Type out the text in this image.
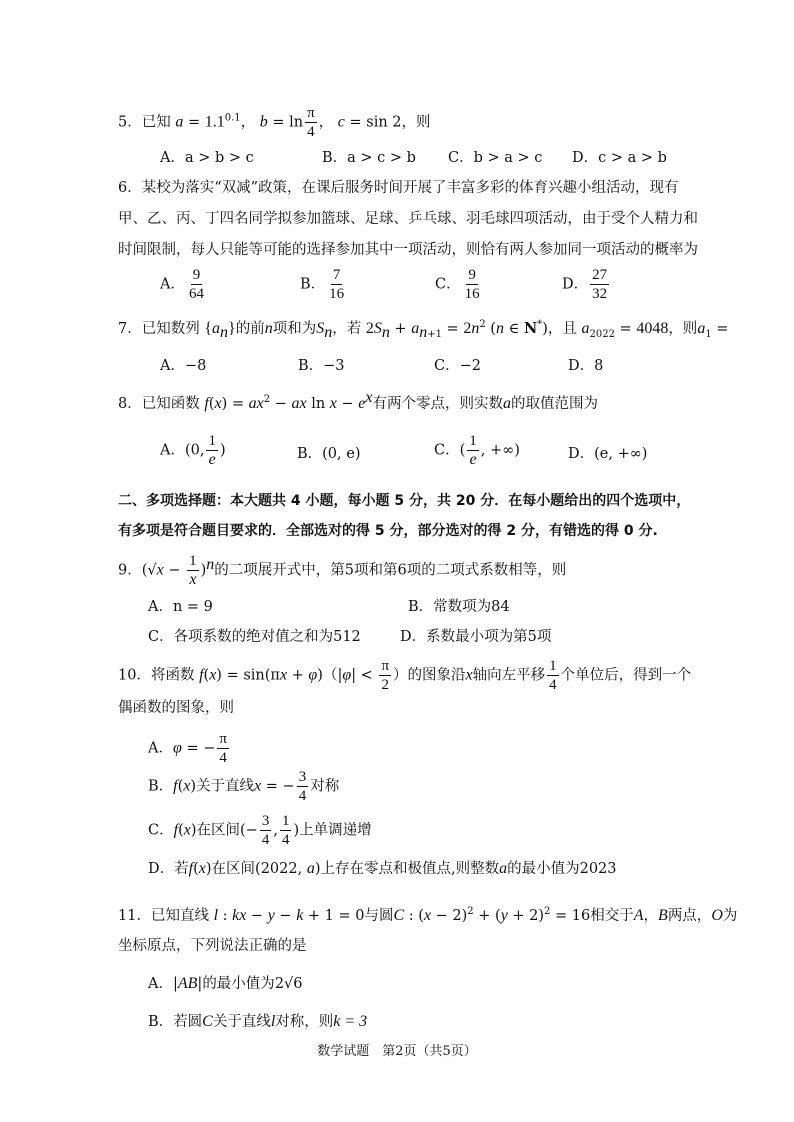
5．已知 $a = 1.1^{0.1}$， $b = \ln \frac{\pi}{4}$ ， c = sin 2，则
A．a > b > c	B．a > c > b C．b > a > c D．c > a > b
6．某校为落实“双减”政策，在课后服务时间开展了丰富多彩的体育兴趣小组活动，现有
甲、乙、丙、丁四名同学拟参加篮球、足球、乒乓球、羽毛球四项活动，由于受个人精力和
时间限制，每人只能等可能的选择参加其中一项活动，则恰有两人参加同一项活动的概率为
A． $\frac{9}{64}$	B． $\frac{7}{16}$	C． $\frac{9}{16}$	D． $\frac{27}{32}$
7．已知数列 $\{a_n\}$的前n项和为$S_n$，若 $2S_n + a_{n+1} = 2n^2$ (n ∈ N*)，且 $a_{2022} = 4048$，则$a_1$ =
A．−8	B．−3	C．−2	D．8
8．已知函数 $f(x) = ax^2$ − ax $\ln x - e^x$有两个零点，则实数a的取值范围为
A．(0, $\frac{1}{e}$ )	B．(0, e)	C．( $\frac{1}{e}$ , +∞)	D．(e, +∞)
二、多项选择题：本大题共 4 小题，每小题 5 分，共 20 分．在每小题给出的四个选项中，
有多项是符合题目要求的．全部选对的得 5 分，部分选对的得 2 分，有错选的得 0 分.
9．$(√x - \frac{1}{x} )^n$的二项展开式中，第5项和第6项的二项式系数相等，则
A．n = 9	B．常数项为84
C．各项系数的绝对值之和为512	D．系数最小项为第5项
10．将函数 $f(x) = \sin(\pi x + \varphi)(|\varphi| < \frac{\pi}{2}$ ）的图象沿x轴向左平移 $\frac{1}{4}$ 个单位后，得到一个
偶函数的图象，则
A．φ = − $\frac{\pi}{4}$
B．f(x)关于直线x = − $\frac{3}{4}$ 对称
C．f(x)在区间(− $\frac{3}{4}$ , $\frac{1}{4}$ )上单调递增
D．若f(x)在区间(2022, a)上存在零点和极值点,则整数a的最小值为2023
11．已知直线 l : kx − y − k + 1 = 0与圆C : $(x - 2)^2 + (y + 2)^2 = 16$相交于A，B两点，O为
坐标原点，下列说法正确的是
A．|AB|的最小值为2√6
B．若圆C关于直线l对称，则k = 3
数学试题　第2页（共5页）
